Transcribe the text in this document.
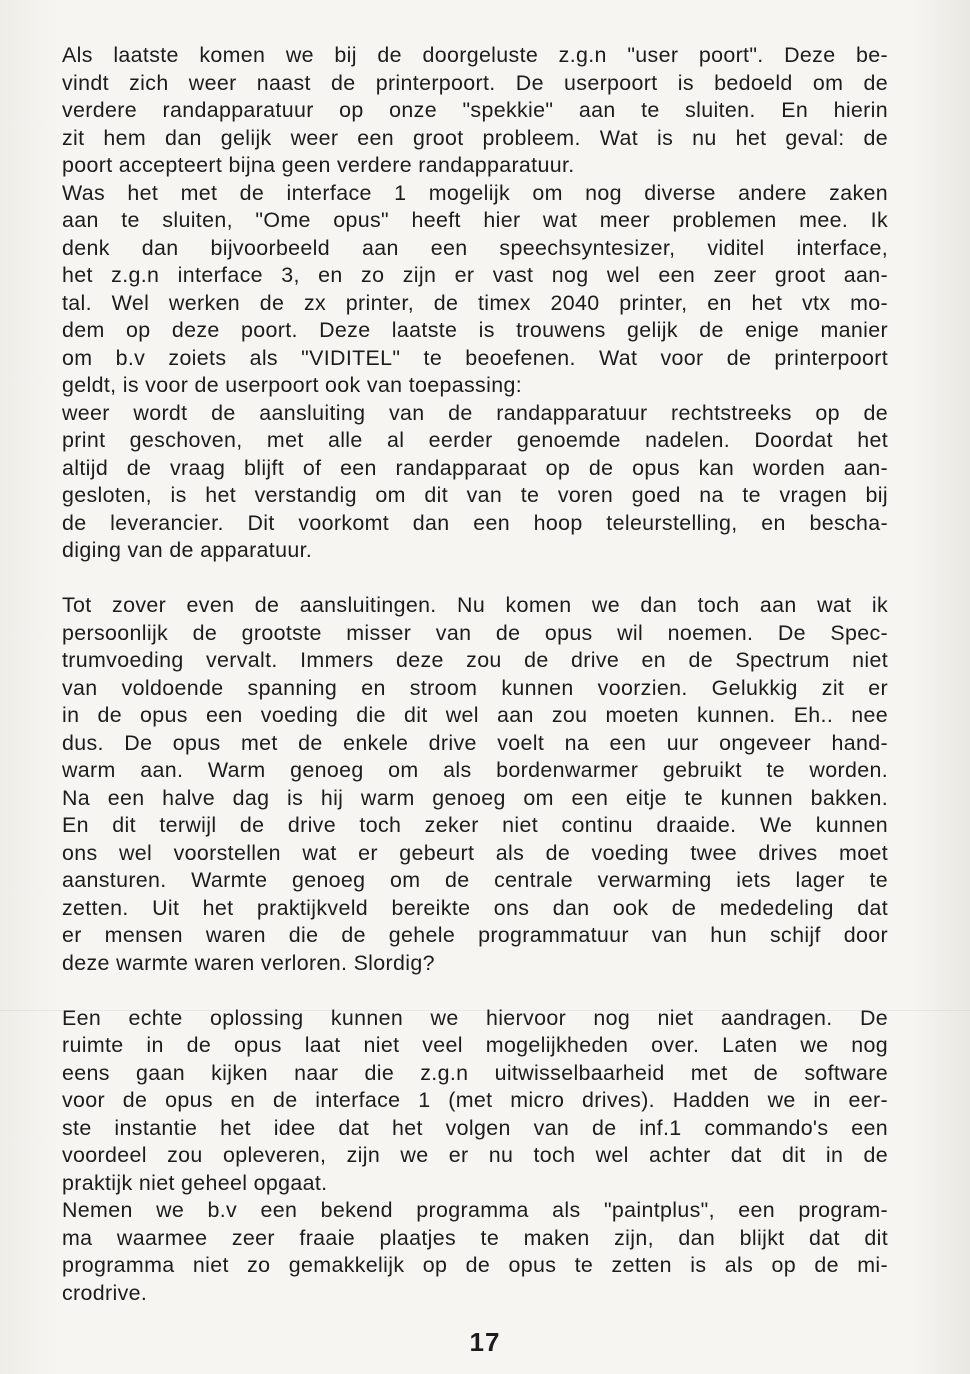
Als laatste komen we bij de doorgeluste z.g.n "user poort". Deze be-
vindt zich weer naast de printerpoort. De userpoort is bedoeld om de
verdere randapparatuur op onze "spekkie" aan te sluiten. En hierin
zit hem dan gelijk weer een groot probleem. Wat is nu het geval: de
poort accepteert bijna geen verdere randapparatuur.
Was het met de interface 1 mogelijk om nog diverse andere zaken
aan te sluiten, "Ome opus" heeft hier wat meer problemen mee. Ik
denk dan bijvoorbeeld aan een speechsyntesizer, viditel interface,
het z.g.n interface 3, en zo zijn er vast nog wel een zeer groot aan-
tal. Wel werken de zx printer, de timex 2040 printer, en het vtx mo-
dem op deze poort. Deze laatste is trouwens gelijk de enige manier
om b.v zoiets als "VIDITEL" te beoefenen. Wat voor de printerpoort
geldt, is voor de userpoort ook van toepassing:
weer wordt de aansluiting van de randapparatuur rechtstreeks op de
print geschoven, met alle al eerder genoemde nadelen. Doordat het
altijd de vraag blijft of een randapparaat op de opus kan worden aan-
gesloten, is het verstandig om dit van te voren goed na te vragen bij
de leverancier. Dit voorkomt dan een hoop teleurstelling, en bescha-
diging van de apparatuur.
Tot zover even de aansluitingen. Nu komen we dan toch aan wat ik
persoonlijk de grootste misser van de opus wil noemen. De Spec-
trumvoeding vervalt. Immers deze zou de drive en de Spectrum niet
van voldoende spanning en stroom kunnen voorzien. Gelukkig zit er
in de opus een voeding die dit wel aan zou moeten kunnen. Eh.. nee
dus. De opus met de enkele drive voelt na een uur ongeveer hand-
warm aan. Warm genoeg om als bordenwarmer gebruikt te worden.
Na een halve dag is hij warm genoeg om een eitje te kunnen bakken.
En dit terwijl de drive toch zeker niet continu draaide. We kunnen
ons wel voorstellen wat er gebeurt als de voeding twee drives moet
aansturen. Warmte genoeg om de centrale verwarming iets lager te
zetten. Uit het praktijkveld bereikte ons dan ook de mededeling dat
er mensen waren die de gehele programmatuur van hun schijf door
deze warmte waren verloren. Slordig?
Een echte oplossing kunnen we hiervoor nog niet aandragen. De
ruimte in de opus laat niet veel mogelijkheden over. Laten we nog
eens gaan kijken naar die z.g.n uitwisselbaarheid met de software
voor de opus en de interface 1 (met micro drives). Hadden we in eer-
ste instantie het idee dat het volgen van de inf.1 commando's een
voordeel zou opleveren, zijn we er nu toch wel achter dat dit in de
praktijk niet geheel opgaat.
Nemen we b.v een bekend programma als "paintplus", een program-
ma waarmee zeer fraaie plaatjes te maken zijn, dan blijkt dat dit
programma niet zo gemakkelijk op de opus te zetten is als op de mi-
crodrive.
17
